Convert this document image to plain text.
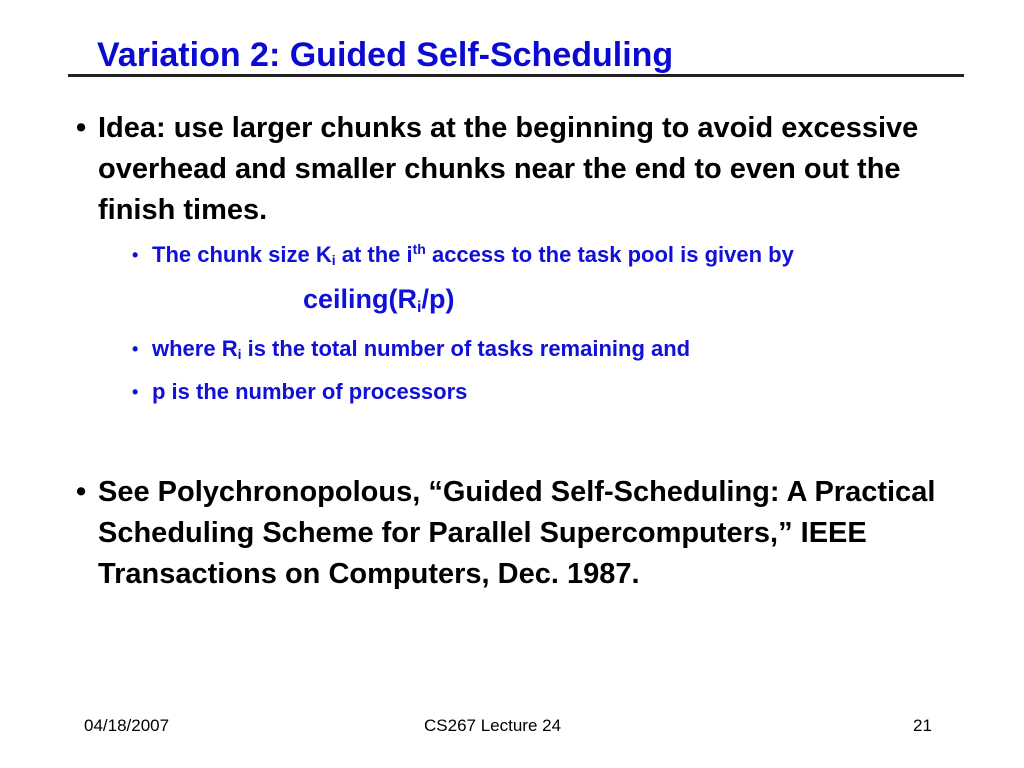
Variation 2: Guided Self-Scheduling
• Idea: use larger chunks at the beginning to avoid excessive overhead and smaller chunks near the end to even out the finish times.
• The chunk size $K_i$ at the $i^{th}$ access to the task pool is given by
$ceiling(R_i/p)$
• where $R_i$ is the total number of tasks remaining and
• p is the number of processors
• See Polychronopolous, “Guided Self-Scheduling: A Practical Scheduling Scheme for Parallel Supercomputers,” IEEE Transactions on Computers, Dec. 1987.
04/18/2007	CS267 Lecture 24	21
